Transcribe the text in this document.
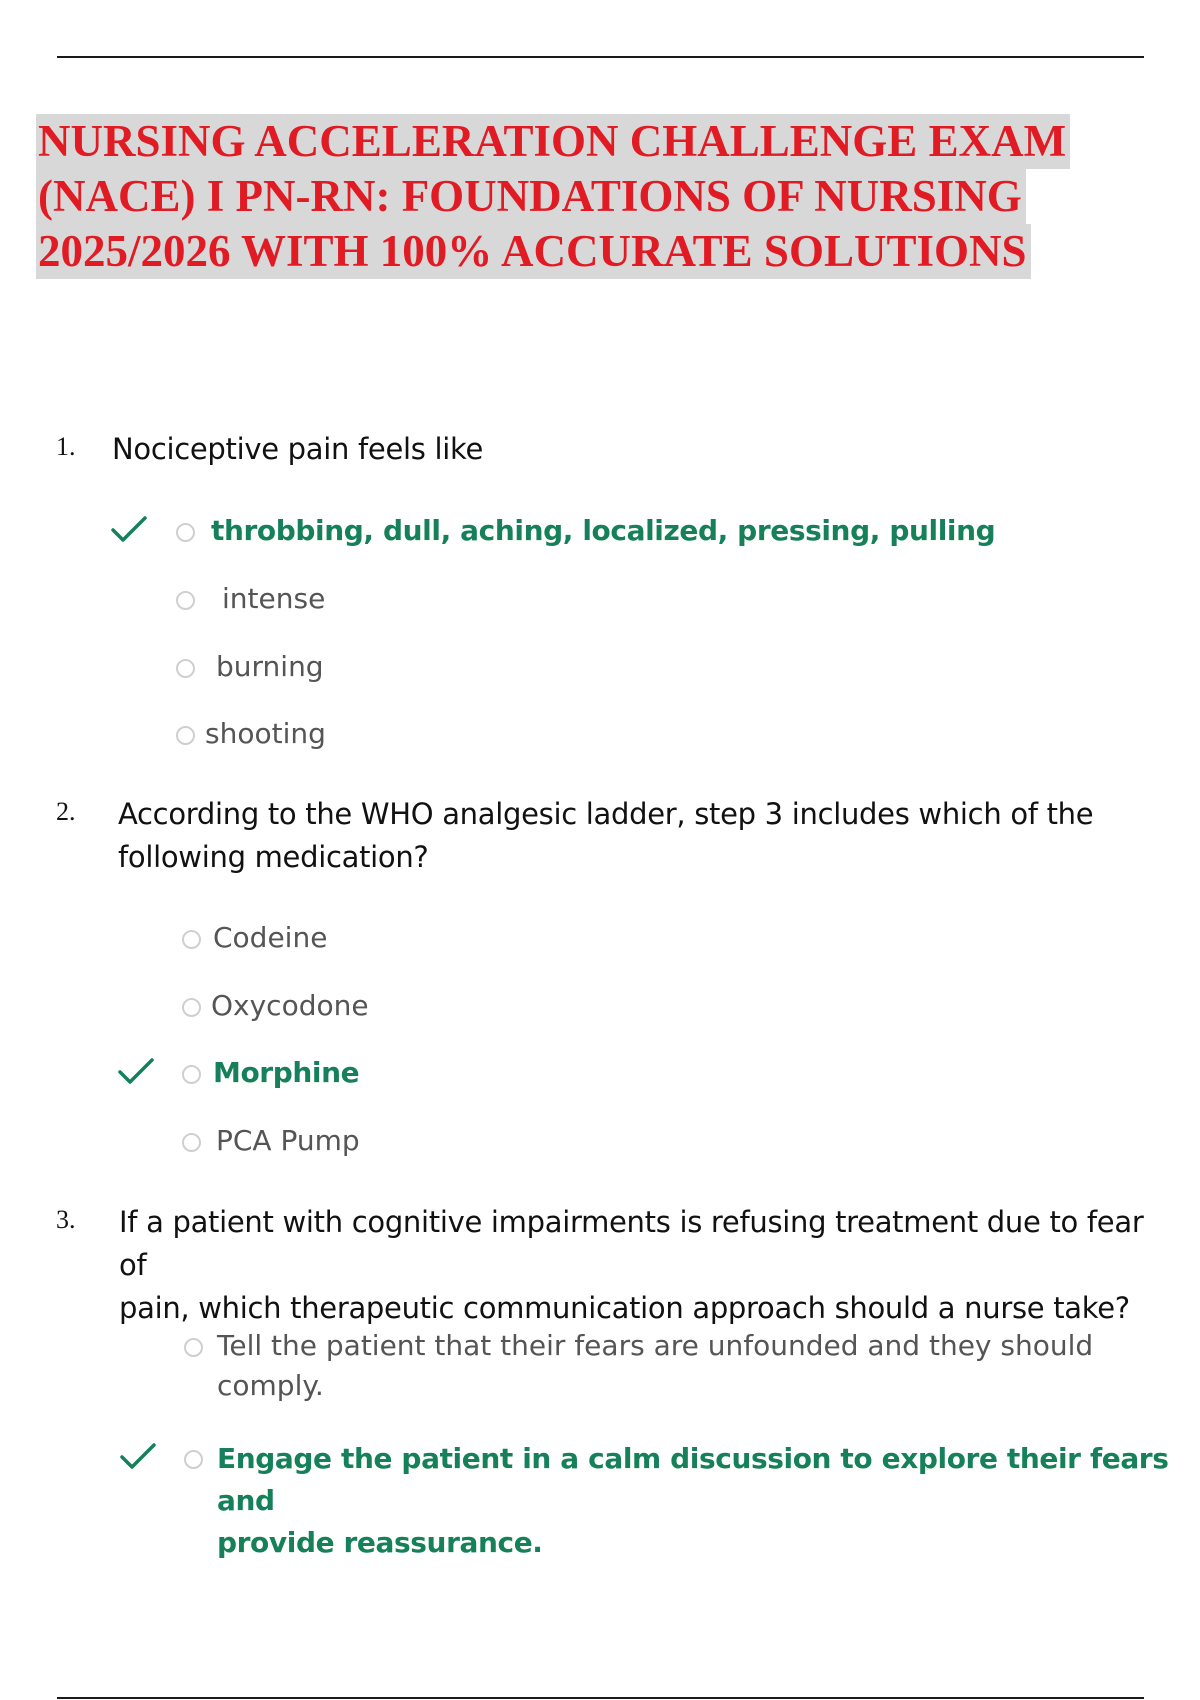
NURSING ACCELERATION CHALLENGE EXAM
(NACE) I PN-RN: FOUNDATIONS OF NURSING
2025/2026 WITH 100% ACCURATE SOLUTIONS
1. Nociceptive pain feels like
throbbing, dull, aching, localized, pressing, pulling
intense
burning
shooting
2. According to the WHO analgesic ladder, step 3 includes which of the
following medication?
Codeine
Oxycodone
Morphine
PCA Pump
3. If a patient with cognitive impairments is refusing treatment due to fear of
pain, which therapeutic communication approach should a nurse take?
Tell the patient that their fears are unfounded and they should
comply.
Engage the patient in a calm discussion to explore their fears and
provide reassurance.
